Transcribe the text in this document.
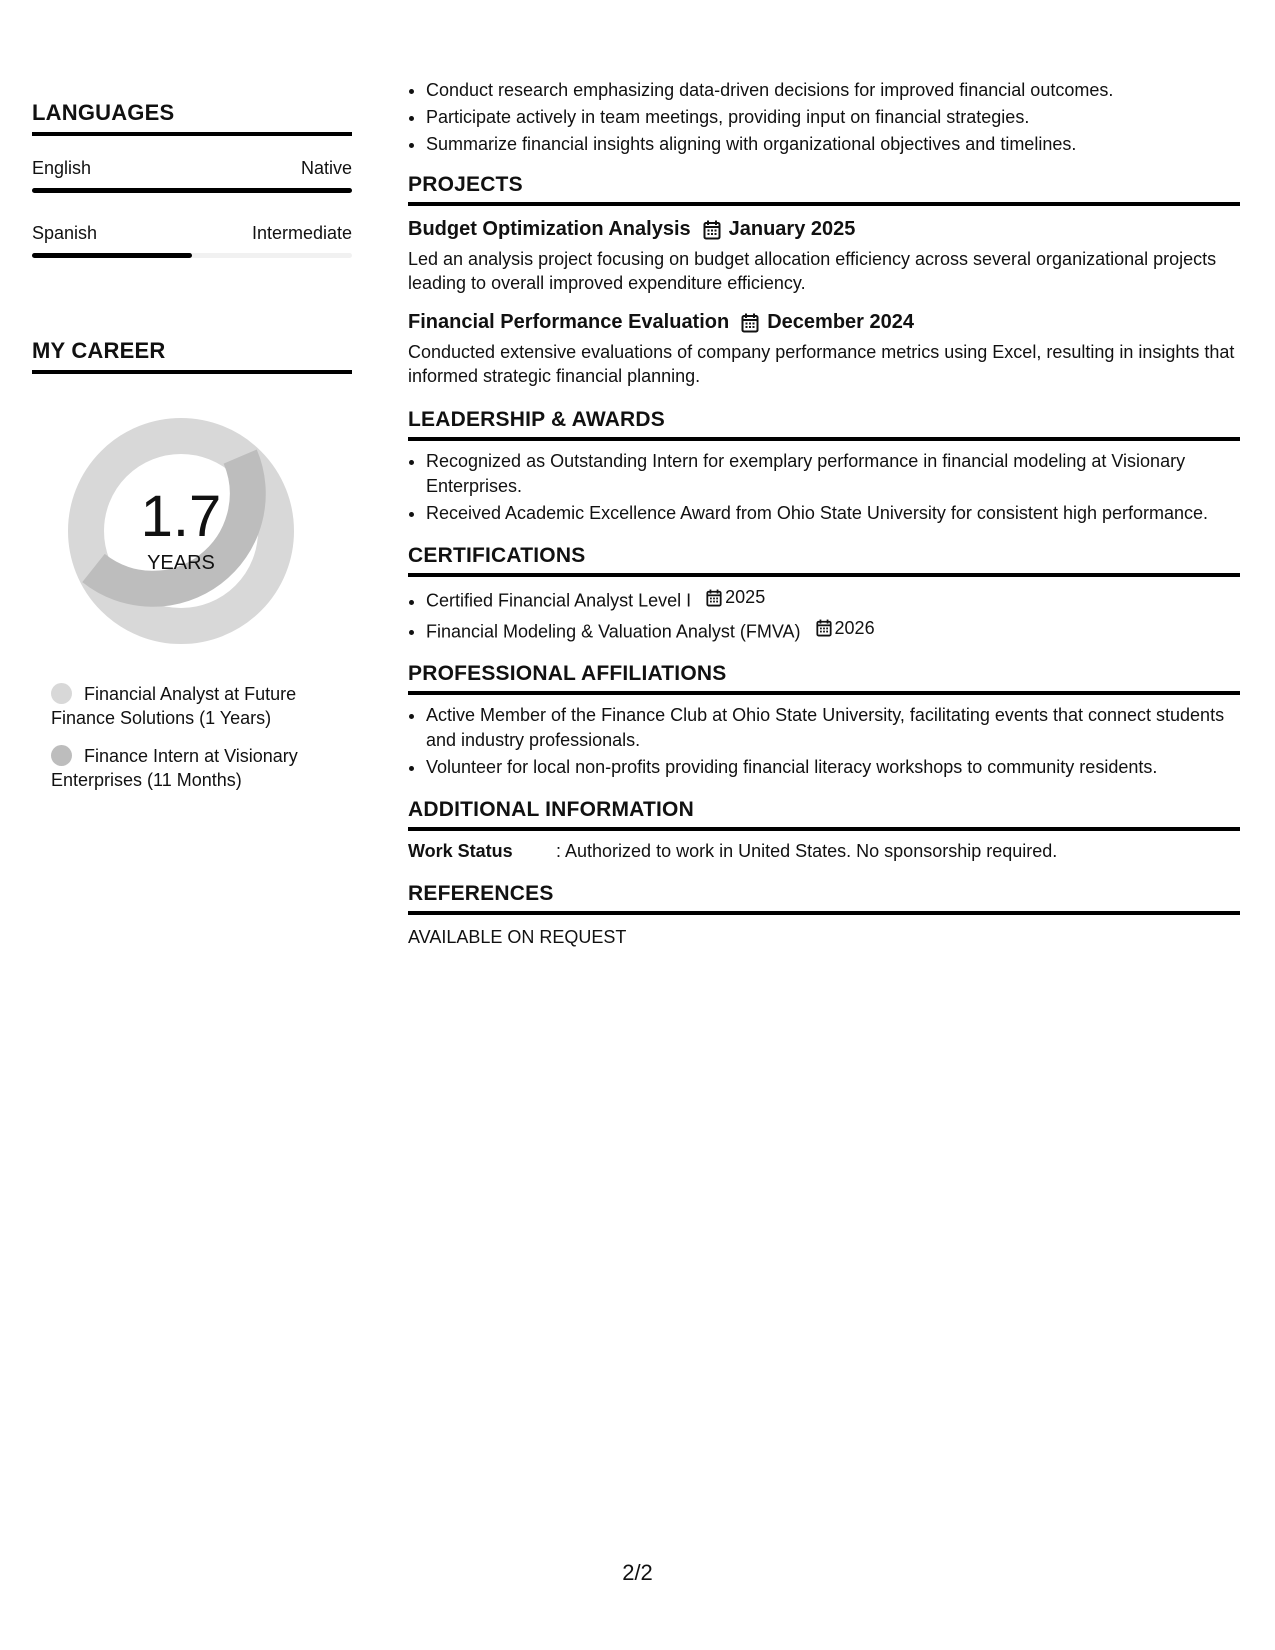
LANGUAGES
English	Native
Spanish	Intermediate
MY CAREER
1.7
YEARS
Financial Analyst at Future Finance Solutions (1 Years)
Finance Intern at Visionary Enterprises (11 Months)
• Conduct research emphasizing data-driven decisions for improved financial outcomes.
• Participate actively in team meetings, providing input on financial strategies.
• Summarize financial insights aligning with organizational objectives and timelines.
PROJECTS
Budget Optimization Analysis January 2025
Led an analysis project focusing on budget allocation efficiency across several organizational projects leading to overall improved expenditure efficiency.
Financial Performance Evaluation December 2024
Conducted extensive evaluations of company performance metrics using Excel, resulting in insights that informed strategic financial planning.
LEADERSHIP & AWARDS
• Recognized as Outstanding Intern for exemplary performance in financial modeling at Visionary Enterprises.
• Received Academic Excellence Award from Ohio State University for consistent high performance.
CERTIFICATIONS
• Certified Financial Analyst Level I 2025
• Financial Modeling & Valuation Analyst (FMVA) 2026
PROFESSIONAL AFFILIATIONS
• Active Member of the Finance Club at Ohio State University, facilitating events that connect students and industry professionals.
• Volunteer for local non-profits providing financial literacy workshops to community residents.
ADDITIONAL INFORMATION
Work Status	: Authorized to work in United States. No sponsorship required.
REFERENCES
AVAILABLE ON REQUEST
2/2
